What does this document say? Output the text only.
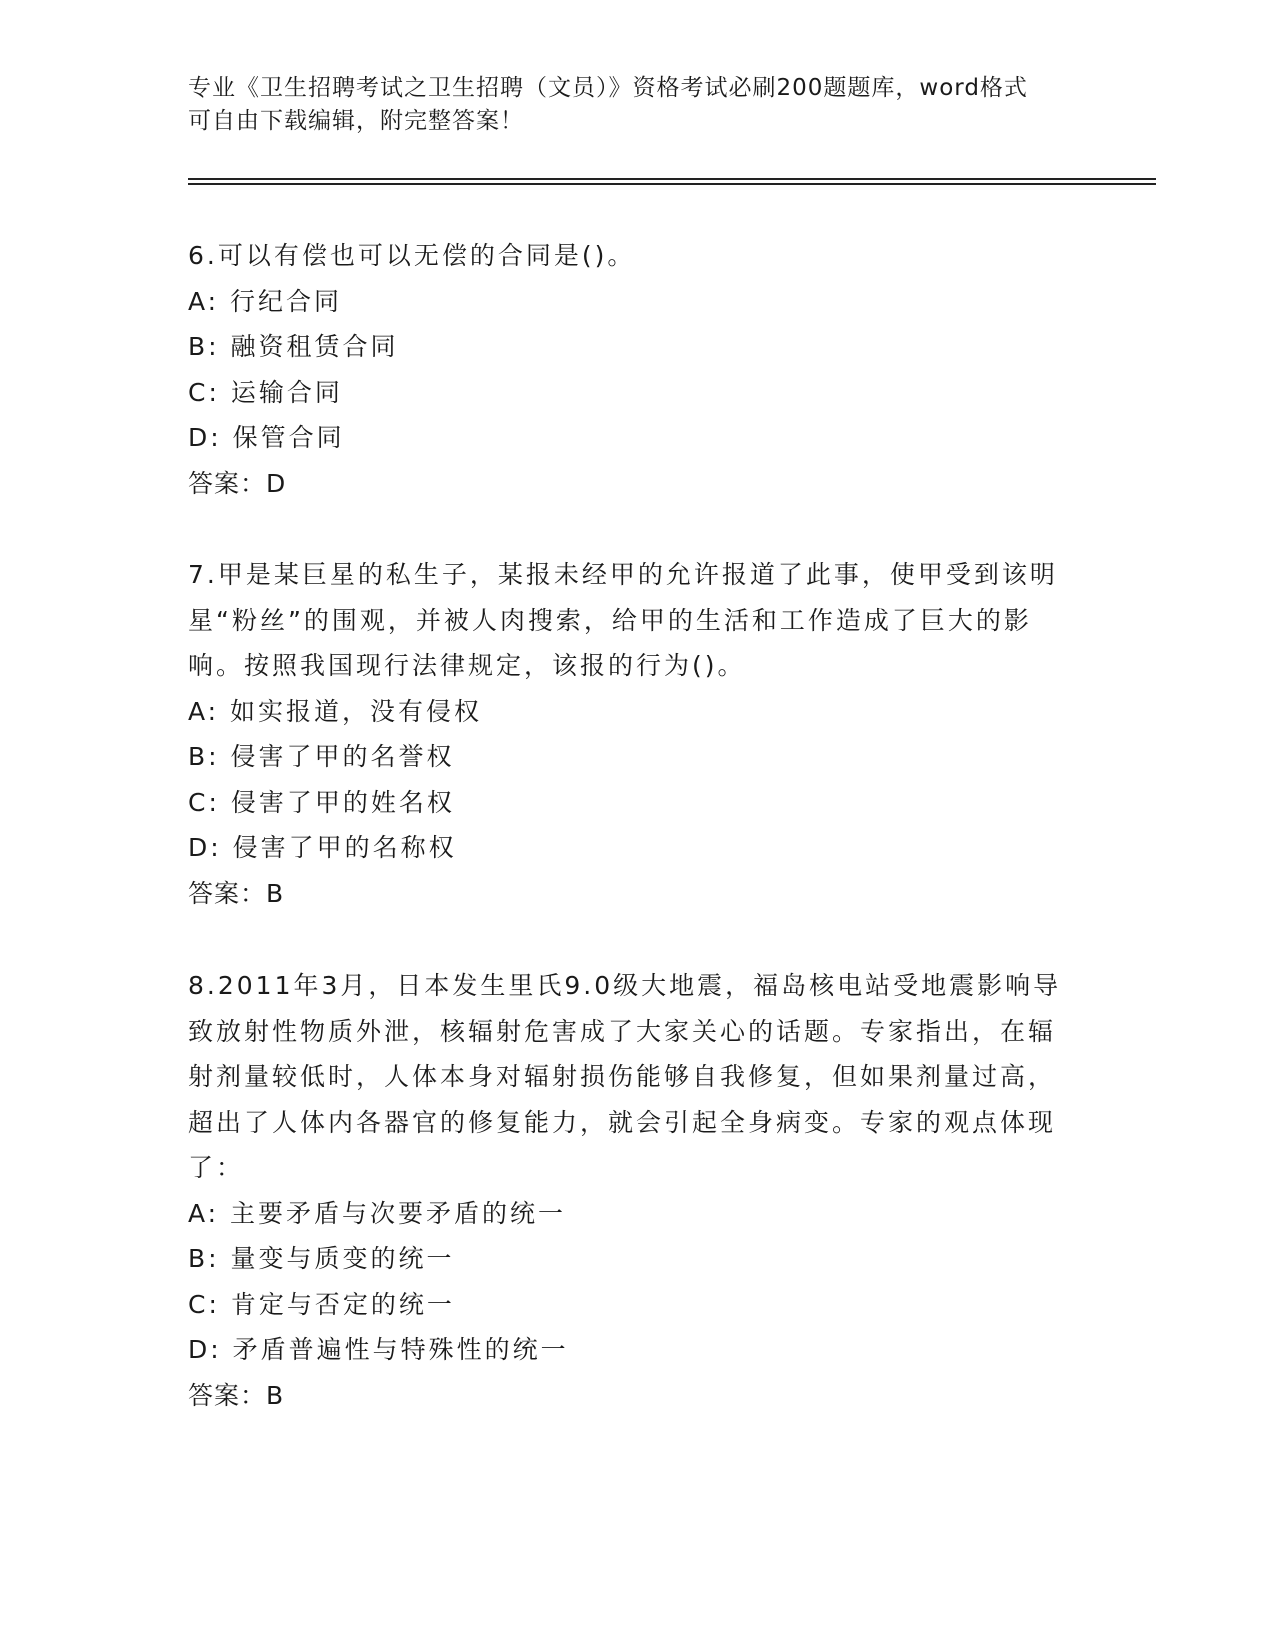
专业《卫生招聘考试之卫生招聘（文员）》资格考试必刷200题题库，word格式
可自由下载编辑，附完整答案！
6.可以有偿也可以无偿的合同是()。
A: 行纪合同
B: 融资租赁合同
C: 运输合同
D: 保管合同
答案：D
7.甲是某巨星的私生子，某报未经甲的允许报道了此事，使甲受到该明星“粉丝”的围观，并被人肉搜索，给甲的生活和工作造成了巨大的影响。按照我国现行法律规定，该报的行为()。
A: 如实报道，没有侵权
B: 侵害了甲的名誉权
C: 侵害了甲的姓名权
D: 侵害了甲的名称权
答案：B
8.2011年3月，日本发生里氏9.0级大地震，福岛核电站受地震影响导致放射性物质外泄，核辐射危害成了大家关心的话题。专家指出，在辐射剂量较低时，人体本身对辐射损伤能够自我修复，但如果剂量过高，超出了人体内各器官的修复能力，就会引起全身病变。专家的观点体现了：
A: 主要矛盾与次要矛盾的统一
B: 量变与质变的统一
C: 肯定与否定的统一
D: 矛盾普遍性与特殊性的统一
答案：B
